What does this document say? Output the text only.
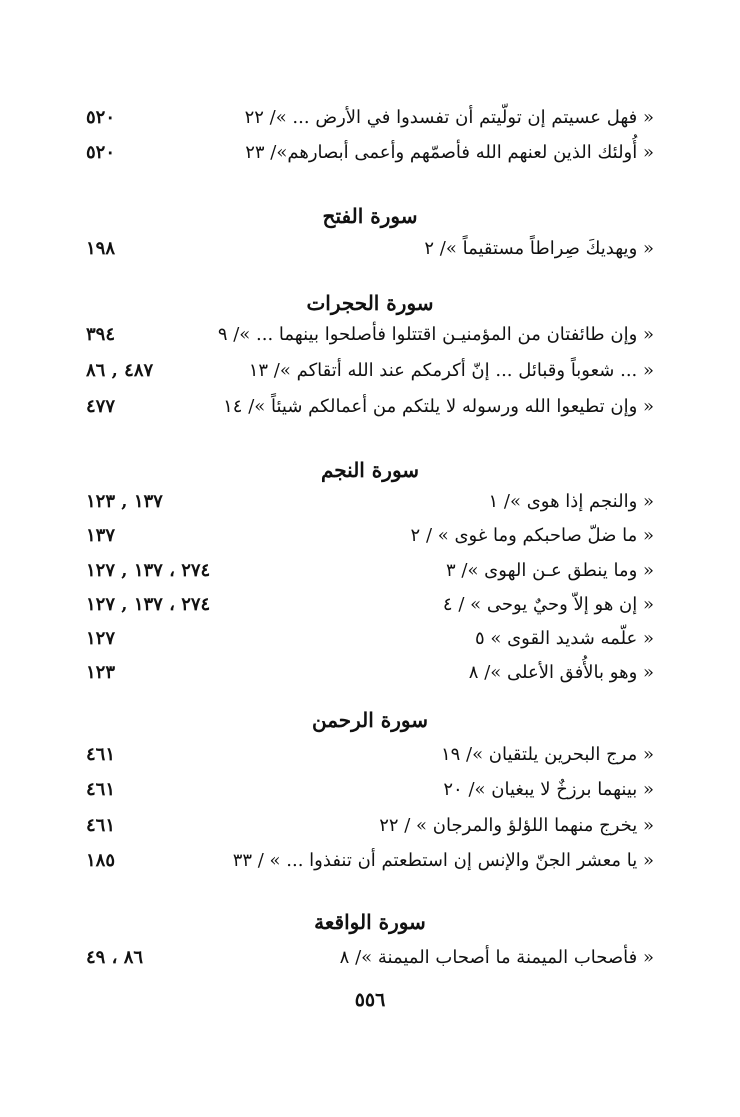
« فهل عسيتم إن تولّيتم أن تفسدوا في الأرض ... »/ ٢٢
٥٢٠
« أُولئك الذين لعنهم الله فأصمّهم وأعمى أبصارهم»/ ٢٣
٥٢٠
سورة الفتح
« ويهديكَ صِراطاً مستقيماً »/ ٢
١٩٨
سورة الحجرات
« وإن طائفتان من المؤمنيـن اقتتلوا فأصلحوا بينهما ... »/ ٩
٣٩٤
« ... شعوباً وقبائل ... إنّ أكرمكم عند الله أتقاكم »/ ١٣
٤٨٧ , ٨٦
« وإن تطيعوا الله ورسوله لا يلتكم من أعمالكم شيئاً »/ ١٤
٤٧٧
سورة النجم
« والنجم إذا هوى »/ ١
١٣٧ , ١٢٣
« ما ضلّ صاحبكم وما غوى » / ٢
١٣٧
« وما ينطق عـن الهوى »/ ٣
٢٧٤ ، ١٣٧ , ١٢٧
« إن هو إلاّ وحيٌ يوحى » / ٤
٢٧٤ ، ١٣٧ , ١٢٧
« علّمه شديد القوى » ٥
١٢٧
« وهو بالأُفق الأعلى »/ ٨
١٢٣
سورة الرحمن
« مرج البحرين يلتقيان »/ ١٩
٤٦١
« بينهما برزخٌ لا يبغيان »/ ٢٠
٤٦١
« يخرج منهما اللؤلؤ والمرجان » / ٢٢
٤٦١
« يا معشر الجنّ والإنس إن استطعتم أن تنفذوا ... » / ٣٣
١٨٥
سورة الواقعة
« فأصحاب الميمنة ما أصحاب الميمنة »/ ٨
٨٦ ، ٤٩
٥٥٦
